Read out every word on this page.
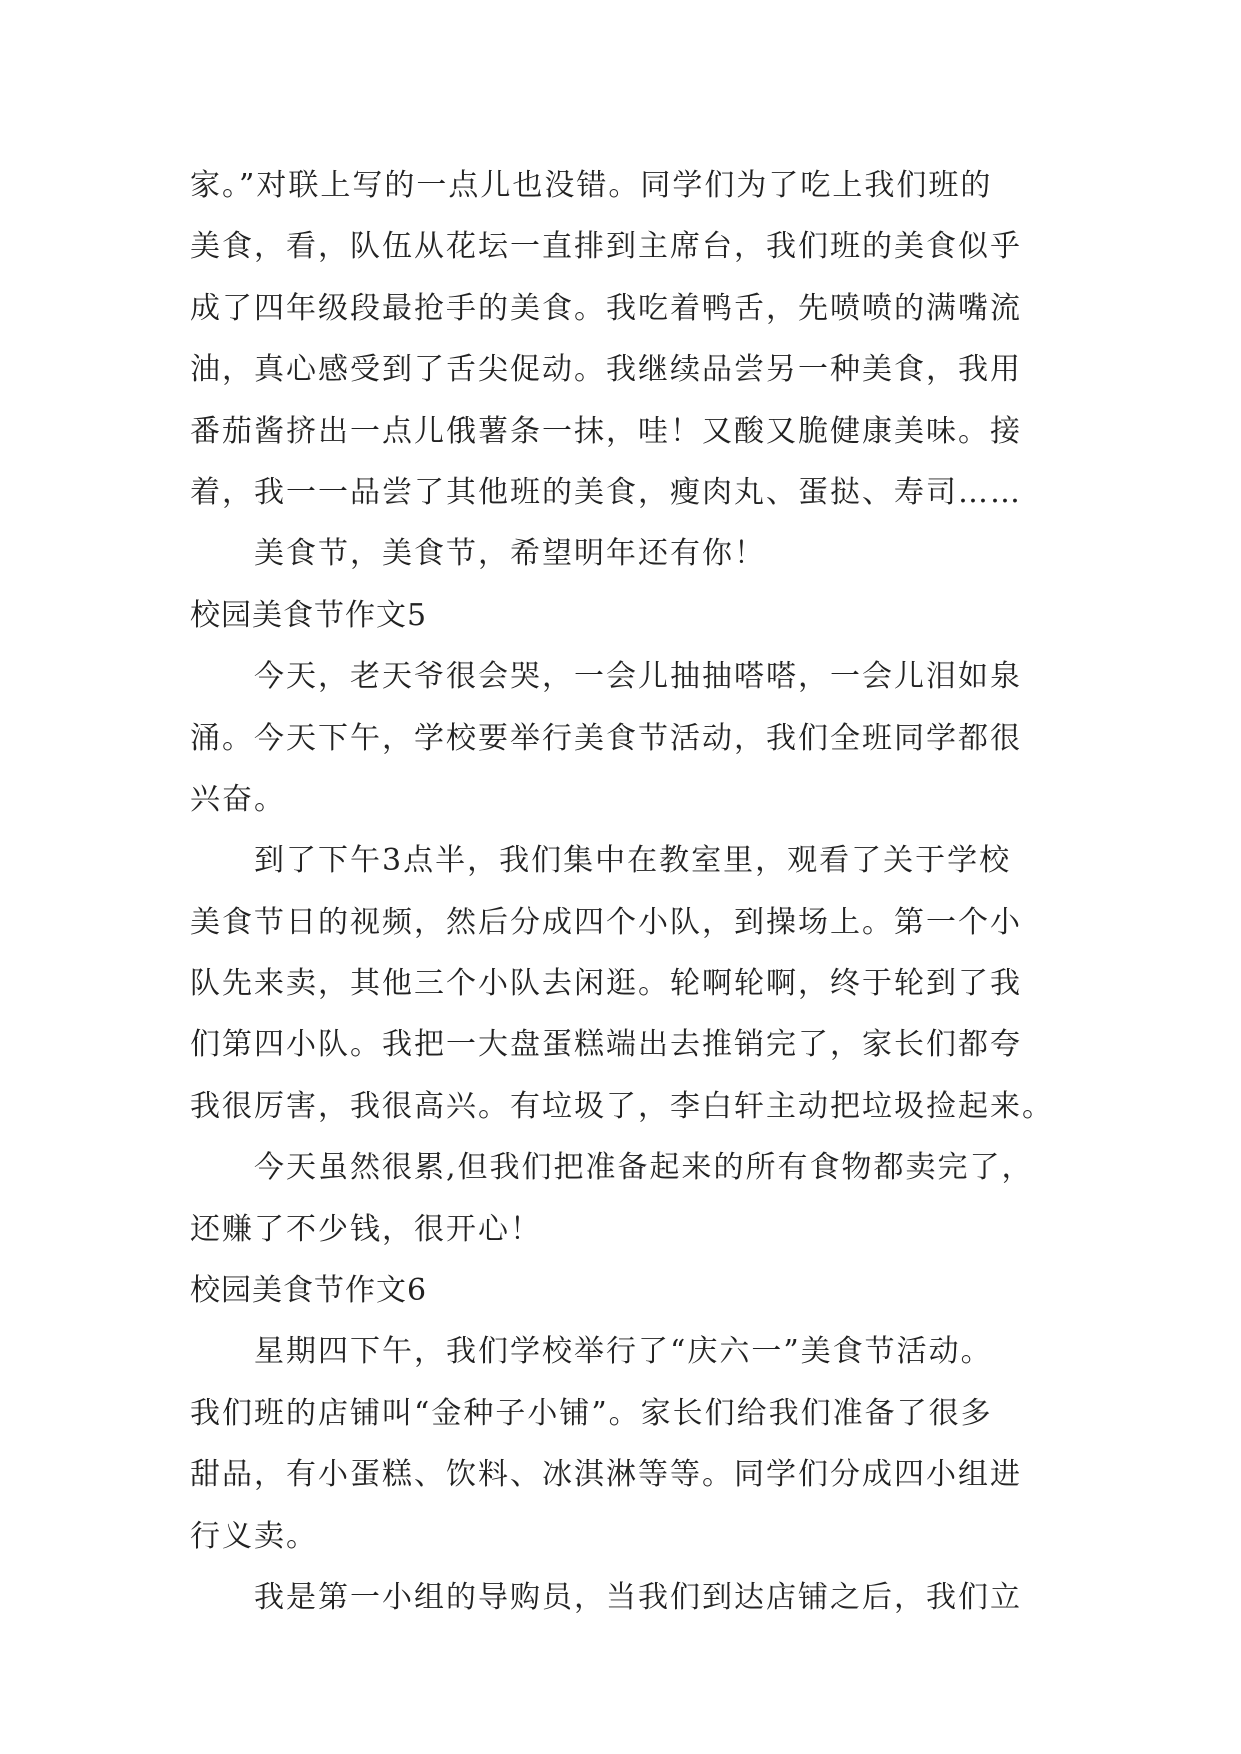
家。”对联上写的一点儿也没错。同学们为了吃上我们班的
美食，看，队伍从花坛一直排到主席台，我们班的美食似乎
成了四年级段最抢手的美食。我吃着鸭舌，先喷喷的满嘴流
油，真心感受到了舌尖促动。我继续品尝另一种美食，我用
番茄酱挤出一点儿俄薯条一抹，哇！又酸又脆健康美味。接
着，我一一品尝了其他班的美食，瘦肉丸、蛋挞、寿司……
美食节，美食节，希望明年还有你！
校园美食节作文5
今天，老天爷很会哭，一会儿抽抽嗒嗒，一会儿泪如泉
涌。今天下午，学校要举行美食节活动，我们全班同学都很
兴奋。
到了下午3点半，我们集中在教室里，观看了关于学校
美食节日的视频，然后分成四个小队，到操场上。第一个小
队先来卖，其他三个小队去闲逛。轮啊轮啊，终于轮到了我
们第四小队。我把一大盘蛋糕端出去推销完了，家长们都夸
我很厉害，我很高兴。有垃圾了，李白轩主动把垃圾捡起来。
今天虽然很累,但我们把准备起来的所有食物都卖完了，
还赚了不少钱，很开心！
校园美食节作文6
星期四下午，我们学校举行了“庆六一”美食节活动。
我们班的店铺叫“金种子小铺”。家长们给我们准备了很多
甜品，有小蛋糕、饮料、冰淇淋等等。同学们分成四小组进
行义卖。
我是第一小组的导购员，当我们到达店铺之后，我们立
